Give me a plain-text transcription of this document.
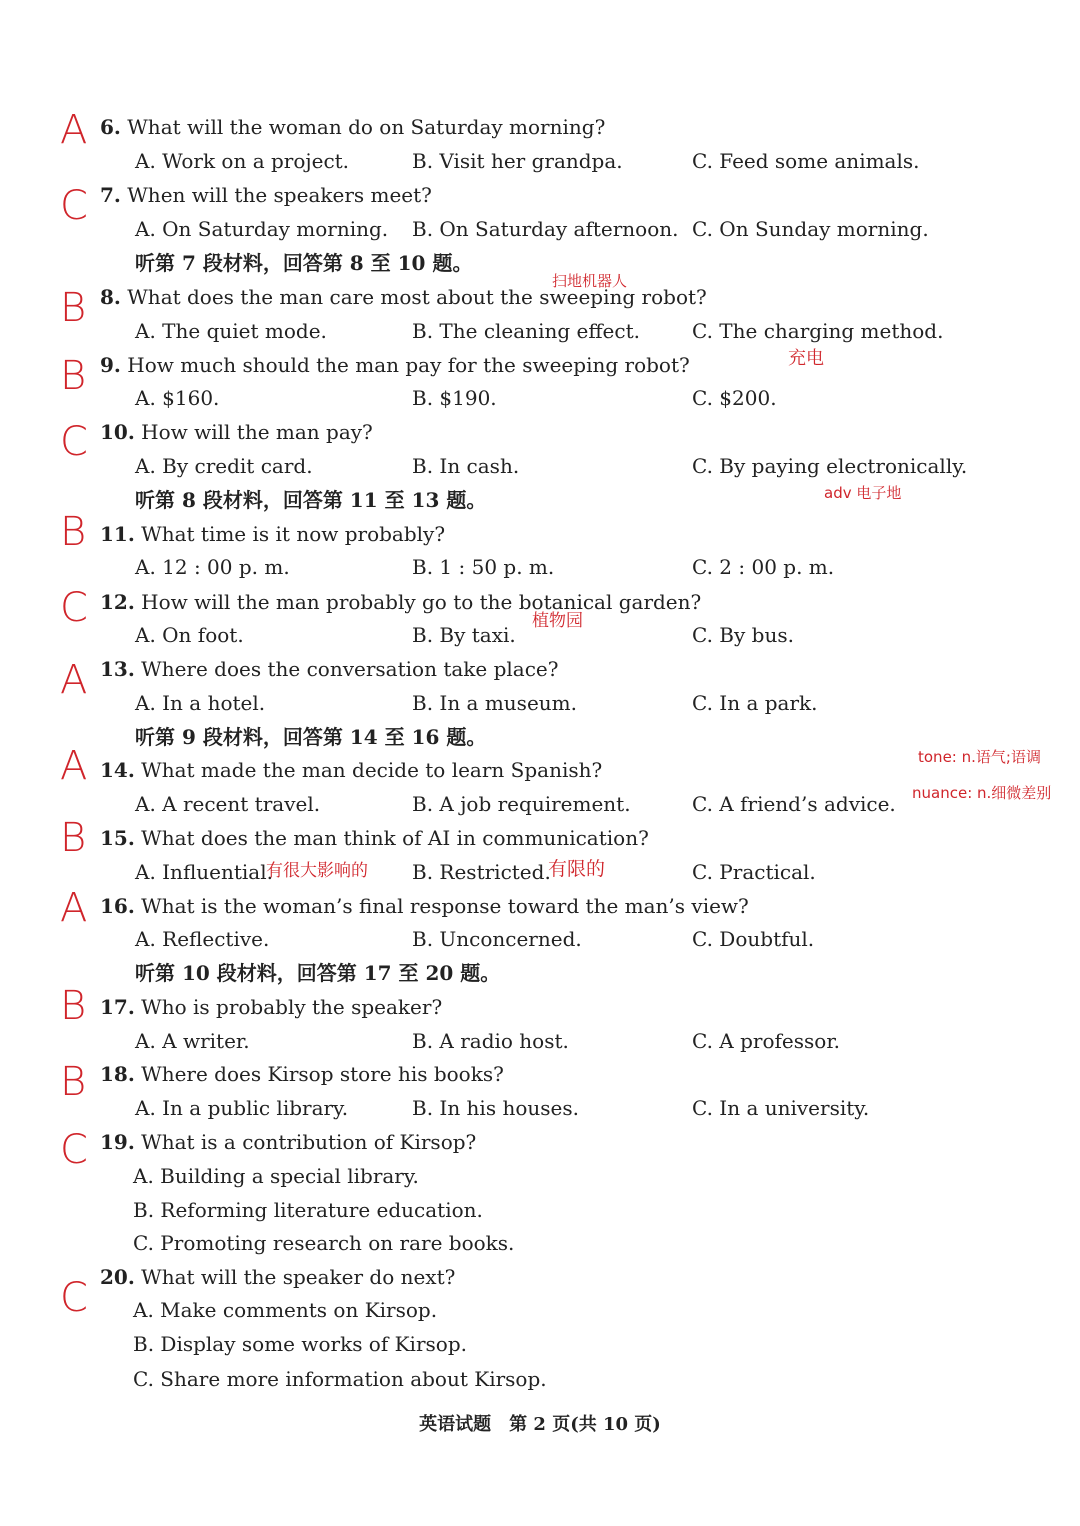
A 6. What will the woman do on Saturday morning?
A. Work on a project.	B. Visit her grandpa.	C. Feed some animals.
C 7. When will the speakers meet?
A. On Saturday morning. B. On Saturday afternoon. C. On Sunday morning.
听第 7 段材料，回答第 8 至 10 题。
扫地机器人
B 8. What does the man care most about the sweeping robot?
A. The quiet mode.	B. The cleaning effect.	C. The charging method.
充电
B 9. How much should the man pay for the sweeping robot?
A. $160.	B. $190.	C. $200.
C 10. How will the man pay?
A. By credit card.	B. In cash.	C. By paying electronically.
听第 8 段材料，回答第 11 至 13 题。	adv 电子地
B 11. What time is it now probably?
A. 12 : 00 p. m.	B. 1 : 50 p. m.	C. 2 : 00 p. m.
C 12. How will the man probably go to the botanical garden?
A. On foot.	B. By taxi.
植物园
C. By bus.
A 13. Where does the conversation take place?
A. In a hotel.	B. In a museum.	C. In a park.
听第 9 段材料，回答第 14 至 16 题。
tone: n.语气;语调
nuance: n.细微差别
A 14. What made the man decide to learn Spanish?
A. A recent travel.	B. A job requirement.	C. A friend’s advice.
B 15. What does the man think of AI in communication?
A. Influential.
有很大影响的 B. Restricted.
有限的	C. Practical.
A 16. What is the woman’s final response toward the man’s view?
A. Reflective.	B. Unconcerned.	C. Doubtful.
听第 10 段材料，回答第 17 至 20 题。
B 17. Who is probably the speaker?
A. A writer.	B. A radio host.	C. A professor.
B 18. Where does Kirsop store his books?
A. In a public library.	B. In his houses.	C. In a university.
C 19. What is a contribution of Kirsop?
A. Building a special library.
B. Reforming literature education.
C. Promoting research on rare books.
C 20. What will the speaker do next?
A. Make comments on Kirsop.
B. Display some works of Kirsop.
C. Share more information about Kirsop.
英语试题　第 2 页(共 10 页)
